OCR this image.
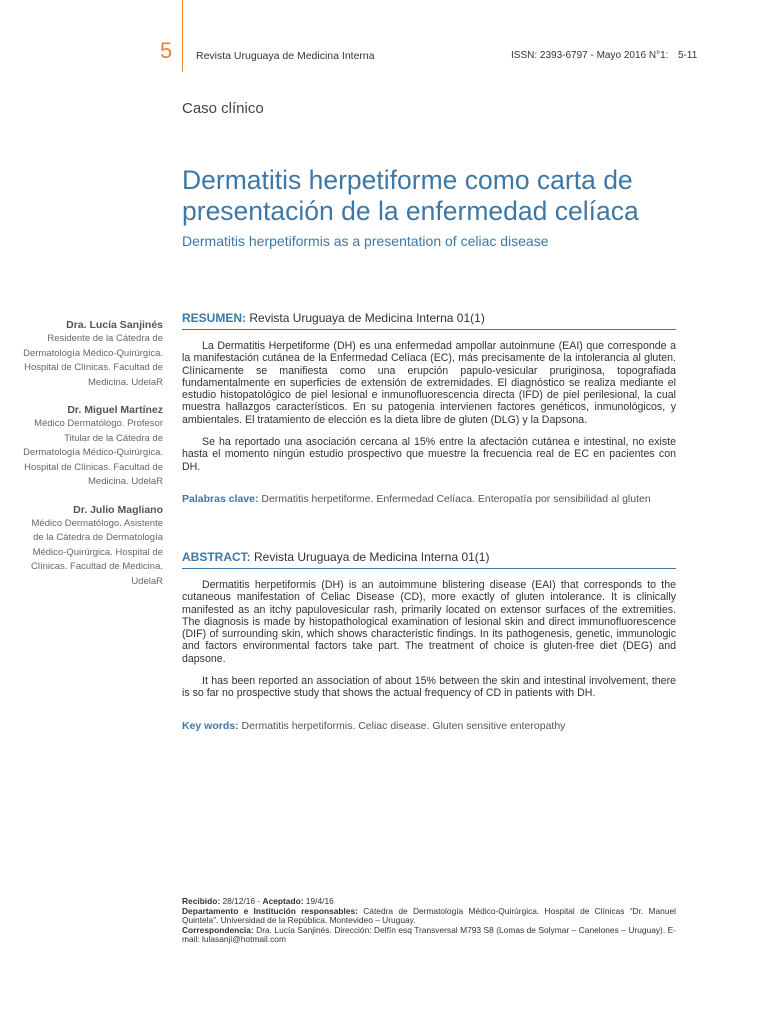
5 Revista Uruguaya de Medicina Interna	ISSN: 2393-6797 - Mayo 2016 N°1: 5-11
Caso clínico
Dermatitis herpetiforme como carta de presentación de la enfermedad celíaca
Dermatitis herpetiformis as a presentation of celiac disease
Dra. Lucía Sanjinés
Residente de la Cátedra de Dermatología Médico-Quirúrgica. Hospital de Clínicas. Facultad de Medicina. UdelaR
Dr. Miguel Martínez
Médico Dermatólogo. Profesor Titular de la Cátedra de Dermatología Médico-Quirúrgica. Hospital de Clínicas. Facultad de Medicina. UdelaR
Dr. Julio Magliano
Médico Dermatólogo. Asistente de la Cátedra de Dermatología Médico-Quirúrgica. Hospital de Clínicas. Facultad de Medicina. UdelaR
RESUMEN: Revista Uruguaya de Medicina Interna 01(1)

La Dermatitis Herpetiforme (DH) es una enfermedad ampollar autoinmune (EAI) que corresponde a la manifestación cutánea de la Enfermedad Celíaca (EC), más precisamente de la intolerancia al gluten. Clínicamente se manifiesta como una erupción papulo-vesicular pruriginosa, topografiada fundamentalmente en superficies de extensión de extremidades. El diagnóstico se realiza mediante el estudio histopatológico de piel lesional e inmunofluorescencia directa (IFD) de piel perilesional, la cual muestra hallazgos característicos. En su patogenia intervienen factores genéticos, inmunológicos, y ambientales. El tratamiento de elección es la dieta libre de gluten (DLG) y la Dapsona.

Se ha reportado una asociación cercana al 15% entre la afectación cutánea e intestinal, no existe hasta el momento ningún estudio prospectivo que muestre la frecuencia real de EC en pacientes con DH.

Palabras clave: Dermatitis herpetiforme. Enfermedad Celíaca. Enteropatía por sensibilidad al gluten
ABSTRACT: Revista Uruguaya de Medicina Interna 01(1)

Dermatitis herpetiformis (DH) is an autoimmune blistering disease (EAI) that corresponds to the cutaneous manifestation of Celiac Disease (CD), more exactly of gluten intolerance. It is clinically manifested as an itchy papulovesicular rash, primarily located on extensor surfaces of the extremities. The diagnosis is made by histopathological examination of lesional skin and direct immunofluorescence (DIF) of surrounding skin, which shows characteristic findings. In its pathogenesis, genetic, immunologic and factors environmental factors take part. The treatment of choice is gluten-free diet (DEG) and dapsone.

It has been reported an association of about 15% between the skin and intestinal involvement, there is so far no prospective study that shows the actual frequency of CD in patients with DH.

Key words: Dermatitis herpetiformis. Celiac disease. Gluten sensitive enteropathy
Recibido: 28/12/16 - Aceptado: 19/4/16
Departamento e Institución responsables: Cátedra de Dermatología Médico-Quirúrgica. Hospital de Clínicas “Dr. Manuel Quintela”. Universidad de la República. Montevideo – Uruguay.
Correspondencia: Dra. Lucía Sanjinés. Dirección: Delfín esq Transversal M793 S8 (Lomas de Solymar – Canelones – Uruguay). E-mail: lulasanji@hotmail.com
